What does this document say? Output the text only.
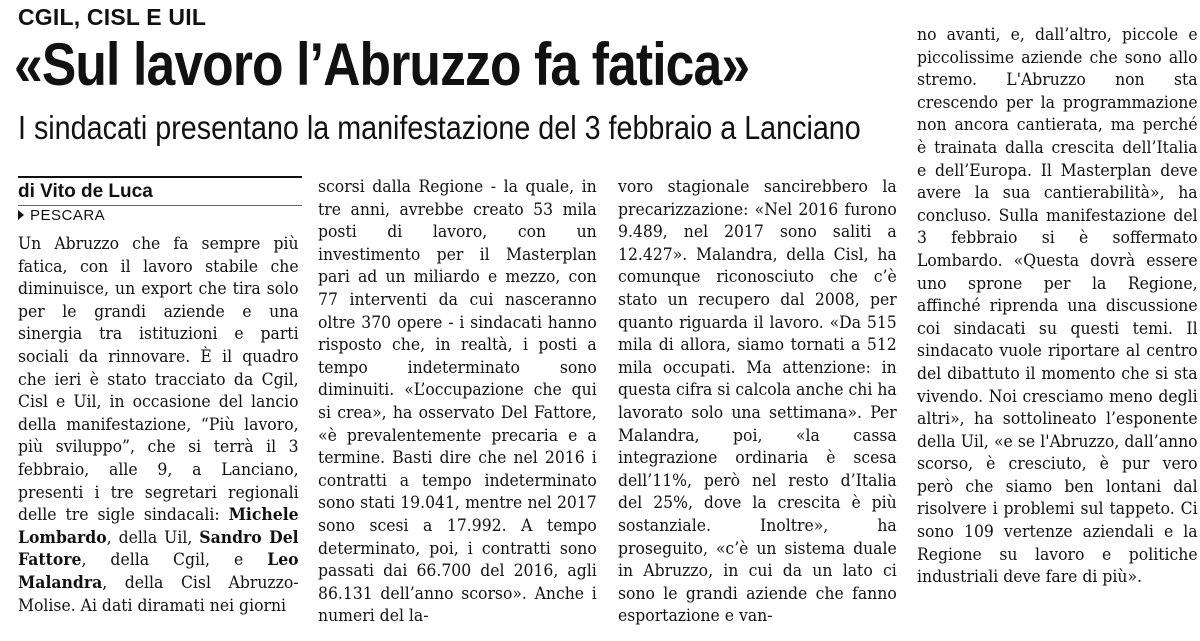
CGIL, CISL E UIL
«Sul lavoro l’Abruzzo fa fatica»
I sindacati presentano la manifestazione del 3 febbraio a Lanciano
di Vito de Luca
PESCARA

Un Abruzzo che fa sempre più fatica, con il lavoro stabile che diminuisce, un export che tira solo per le grandi aziende e una sinergia tra istituzioni e parti sociali da rinnovare. È il quadro che ieri è stato tracciato da Cgil, Cisl e Uil, in occasione del lancio della manifestazione, “Più lavoro, più sviluppo”, che si terrà il 3 febbraio, alle 9, a Lanciano, presenti i tre segretari regionali delle tre sigle sindacali: Michele Lombardo, della Uil, Sandro Del Fattore, della Cgil, e Leo Malandra, della Cisl Abruzzo-Molise. Ai dati diramati nei giorni

scorsi dalla Regione - la quale, in tre anni, avrebbe creato 53 mila posti di lavoro, con un investimento per il Masterplan pari ad un miliardo e mezzo, con 77 interventi da cui nasceranno oltre 370 opere - i sindacati hanno risposto che, in realtà, i posti a tempo indeterminato sono diminuiti. «L’occupazione che qui si crea», ha osservato Del Fattore, «è prevalentemente precaria e a termine. Basti dire che nel 2016 i contratti a tempo indeterminato sono stati 19.041, mentre nel 2017 sono scesi a 17.992. A tempo determinato, poi, i contratti sono passati dai 66.700 del 2016, agli 86.131 dell’anno scorso». Anche i numeri del la-

voro stagionale sancirebbero la precarizzazione: «Nel 2016 furono 9.489, nel 2017 sono saliti a 12.427». Malandra, della Cisl, ha comunque riconosciuto che c’è stato un recupero dal 2008, per quanto riguarda il lavoro. «Da 515 mila di allora, siamo tornati a 512 mila occupati. Ma attenzione: in questa cifra si calcola anche chi ha lavorato solo una settimana». Per Malandra, poi, «la cassa integrazione ordinaria è scesa dell’11%, però nel resto d’Italia del 25%, dove la crescita è più sostanziale. Inoltre», ha proseguito, «c’è un sistema duale in Abruzzo, in cui da un lato ci sono le grandi aziende che fanno esportazione e van-

no avanti, e, dall’altro, piccole e piccolissime aziende che sono allo stremo. L'Abruzzo non sta crescendo per la programmazione non ancora cantierata, ma perché è trainata dalla crescita dell’Italia e dell’Europa. Il Masterplan deve avere la sua cantierabilità», ha concluso. Sulla manifestazione del 3 febbraio si è soffermato Lombardo. «Questa dovrà essere uno sprone per la Regione, affinché riprenda una discussione coi sindacati su questi temi. Il sindacato vuole riportare al centro del dibattuto il momento che si sta vivendo. Noi cresciamo meno degli altri», ha sottolineato l’esponente della Uil, «e se l'Abruzzo, dall’anno scorso, è cresciuto, è pur vero però che siamo ben lontani dal risolvere i problemi sul tappeto. Ci sono 109 vertenze aziendali e la Regione su lavoro e politiche industriali deve fare di più».
